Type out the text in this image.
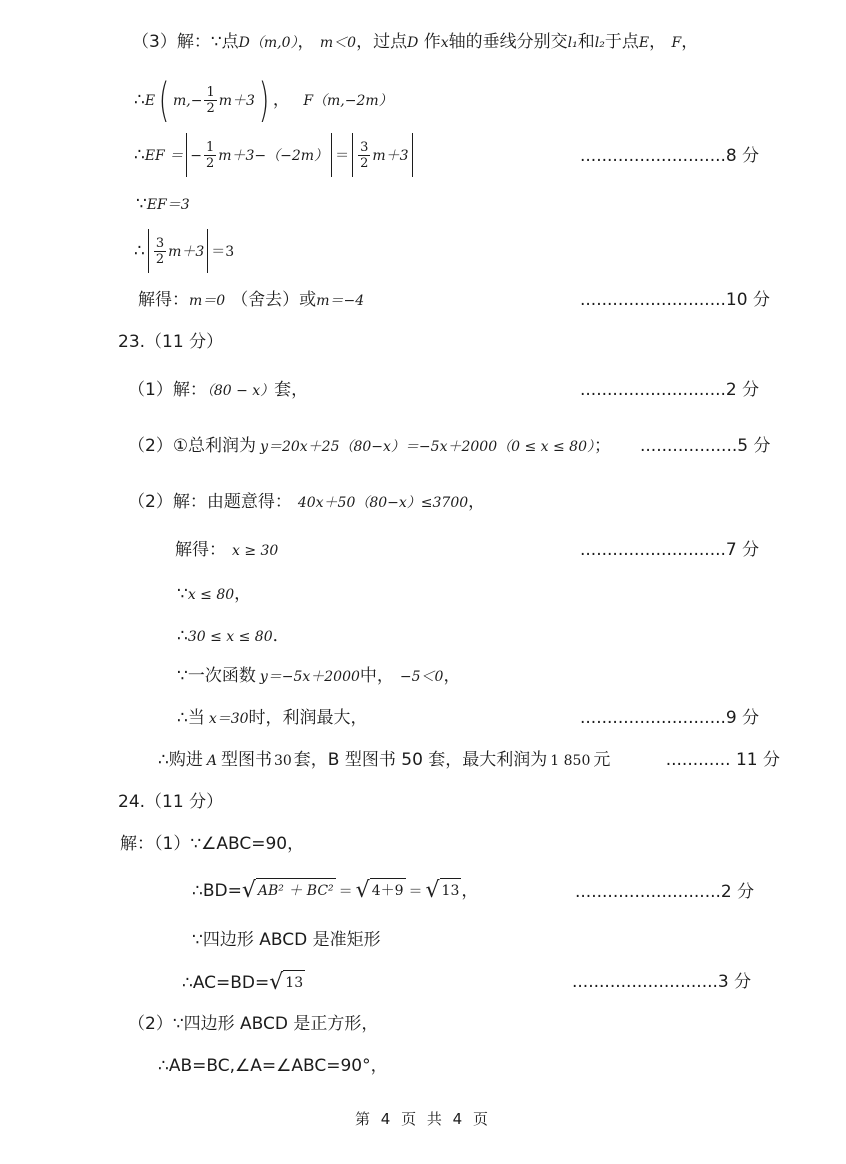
（3）解：∵点D（m,0）， m＜0，过点D 作x轴的垂线分别交l₁和l₂于点E， F，
∴E( $m,- \frac{1}{2} m+3$) ， F（m,−2m）
∴EF ＝ − $\frac{1}{2} m+3-(-2m) = \frac{3}{2} m+3$	...........................8 分
∵EF＝3
∴ $\frac{3}{2} m+3 =3$
解得：m＝0 （舍去）或m＝−4	...........................10 分
23.（11 分）
（1）解：（80 − x）套，	...........................2 分
（2）①总利润为 y＝20x＋25（80−x）＝−5x＋2000（0 ≤ x ≤ 80）； ..................5 分
（2）解：由题意得： 40x＋50（80−x）≤3700，
解得： x ≥ 30	...........................7 分
∵x ≤ 80，
∴30 ≤ x ≤ 80．
∵一次函数 y＝−5x＋2000中， −5＜0，
∴当 x＝30时，利润最大，	...........................9 分
∴购进 A 型图书 30 套，B 型图书 50 套，最大利润为 1 850 元	............ 11 分
24.（11 分）
解：（1）∵∠ABC=90，
∴BD= √ AB² ＋ BC² ＝ √ 4＋9 ＝ √ 13 ，	...........................2 分
∵四边形 ABCD 是准矩形
∴AC=BD= √ 13	...........................3 分
（2）∵四边形 ABCD 是正方形，
∴AB=BC,∠A=∠ABC=90°，
第 4 页 共 4 页
